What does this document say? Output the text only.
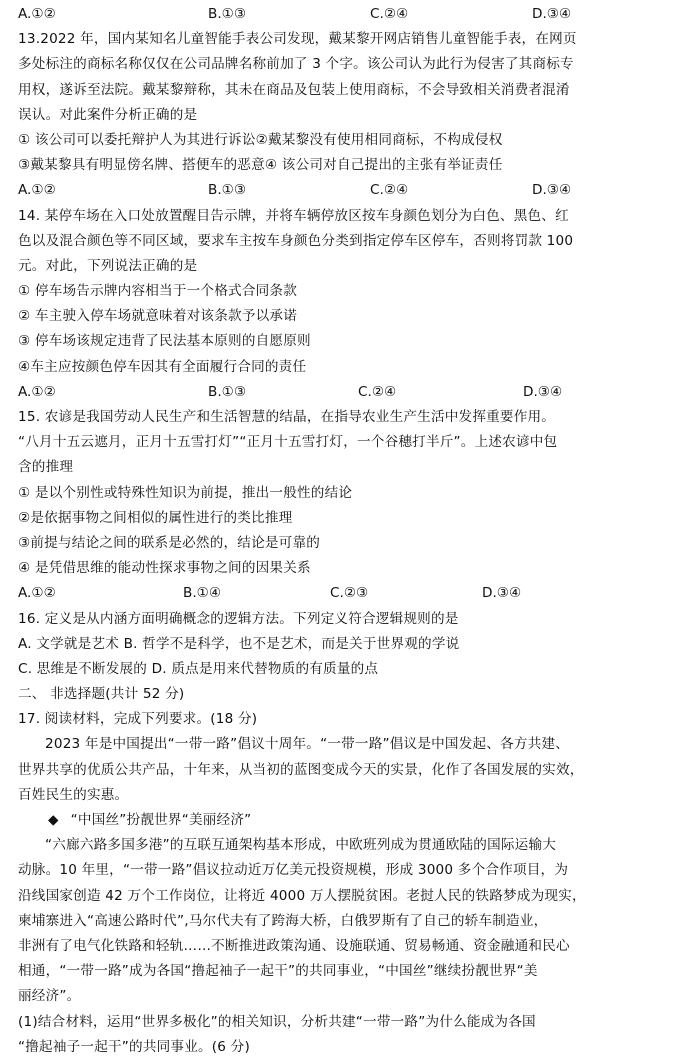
A.①②	B.①③	C.②④	D.③④
13.2022 年，国内某知名儿童智能手表公司发现，戴某黎开网店销售儿童智能手表，在网页
多处标注的商标名称仅仅在公司品牌名称前加了 3 个字。该公司认为此行为侵害了其商标专
用权，遂诉至法院。戴某黎辩称，其未在商品及包装上使用商标，不会导致相关消费者混淆
误认。对此案件分析正确的是
① 该公司可以委托辩护人为其进行诉讼②戴某黎没有使用相同商标，不构成侵权
③戴某黎具有明显傍名牌、搭便车的恶意④ 该公司对自己提出的主张有举证责任
A.①②	B.①③	C.②④	D.③④
14. 某停车场在入口处放置醒目告示牌，并将车辆停放区按车身颜色划分为白色、黑色、红
色以及混合颜色等不同区域，要求车主按车身颜色分类到指定停车区停车，否则将罚款 100
元。对此，下列说法正确的是
① 停车场告示牌内容相当于一个格式合同条款
② 车主驶入停车场就意味着对该条款予以承诺
③ 停车场该规定违背了民法基本原则的自愿原则
④车主应按颜色停车因其有全面履行合同的责任
A.①②	B.①③	C.②④	D.③④
15. 农谚是我国劳动人民生产和生活智慧的结晶，在指导农业生产生活中发挥重要作用。
“八月十五云遮月，正月十五雪打灯”“正月十五雪打灯，一个谷穗打半斤”。上述农谚中包
含的推理
① 是以个别性或特殊性知识为前提，推出一般性的结论
②是依据事物之间相似的属性进行的类比推理
③前提与结论之间的联系是必然的，结论是可靠的
④ 是凭借思维的能动性探求事物之间的因果关系
A.①②	B.①④	C.②③	D.③④
16. 定义是从内涵方面明确概念的逻辑方法。下列定义符合逻辑规则的是
A. 文学就是艺术 B. 哲学不是科学，也不是艺术，而是关于世界观的学说
C. 思维是不断发展的 D. 质点是用来代替物质的有质量的点
二、 非选择题(共计 52 分)
17. 阅读材料，完成下列要求。(18 分)
2023 年是中国提出“一带一路”倡议十周年。“一带一路”倡议是中国发起、各方共建、
世界共享的优质公共产品，十年来，从当初的蓝图变成今天的实景，化作了各国发展的实效，
百姓民生的实惠。
◆ “中国丝”扮靓世界“美丽经济”
“六廊六路多国多港”的互联互通架构基本形成，中欧班列成为贯通欧陆的国际运输大
动脉。10 年里，“一带一路”倡议拉动近万亿美元投资规模，形成 3000 多个合作项目，为
沿线国家创造 42 万个工作岗位，让将近 4000 万人摆脱贫困。老挝人民的铁路梦成为现实，
柬埔寨进入“高速公路时代”,马尔代夫有了跨海大桥，白俄罗斯有了自己的轿车制造业，
非洲有了电气化铁路和轻轨……不断推进政策沟通、设施联通、贸易畅通、资金融通和民心
相通，“一带一路”成为各国“撸起袖子一起干”的共同事业，“中国丝”继续扮靓世界“美
丽经济”。
(1)结合材料，运用“世界多极化”的相关知识，分析共建“一带一路”为什么能成为各国
“撸起袖子一起干”的共同事业。(6 分)
